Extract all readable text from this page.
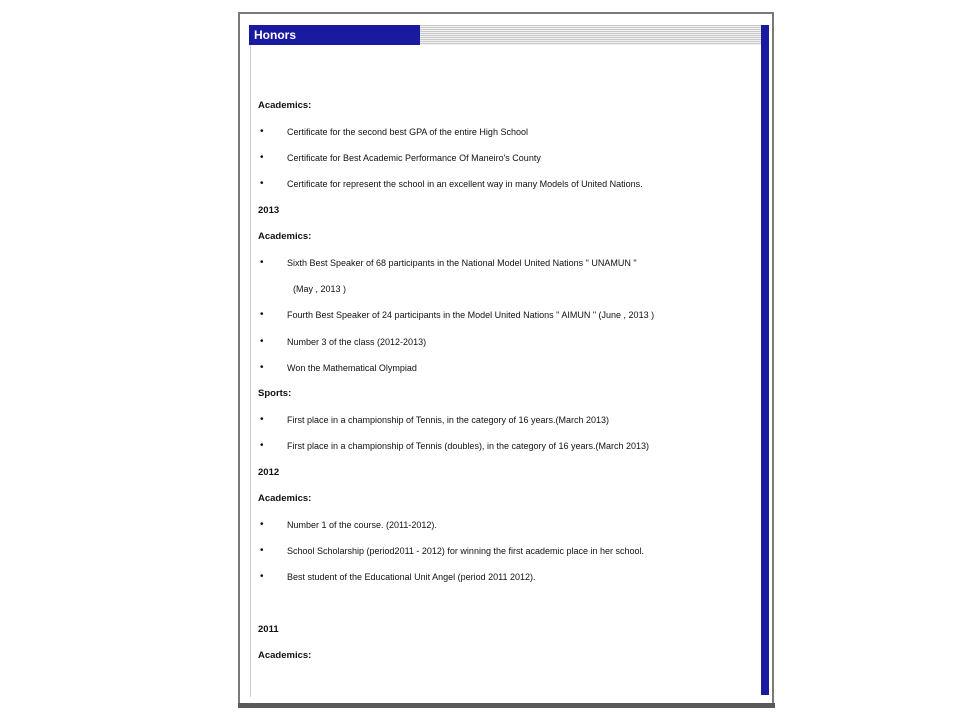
Honors
Academics:
•	Certificate for the second best GPA of the entire High School
•	Certificate for Best Academic Performance Of Maneiro's County
•	Certificate for represent the school in an excellent way in many Models of United Nations.
2013
Academics:
•	Sixth Best Speaker of 68 participants in the National Model United Nations " UNAMUN "
(May , 2013 )
•	Fourth Best Speaker of 24 participants in the Model United Nations " AIMUN " (June , 2013 )
•	Number 3 of the class (2012-2013)
•	Won the Mathematical Olympiad
Sports:
•	First place in a championship of Tennis, in the category of 16 years.(March 2013)
•	First place in a championship of Tennis (doubles), in the category of 16 years.(March 2013)
2012
Academics:
•	Number 1 of the course. (2011-2012).
•	School Scholarship (period2011 - 2012) for winning the first academic place in her school.
•	Best student of the Educational Unit Angel (period 2011 2012).
2011
Academics:
